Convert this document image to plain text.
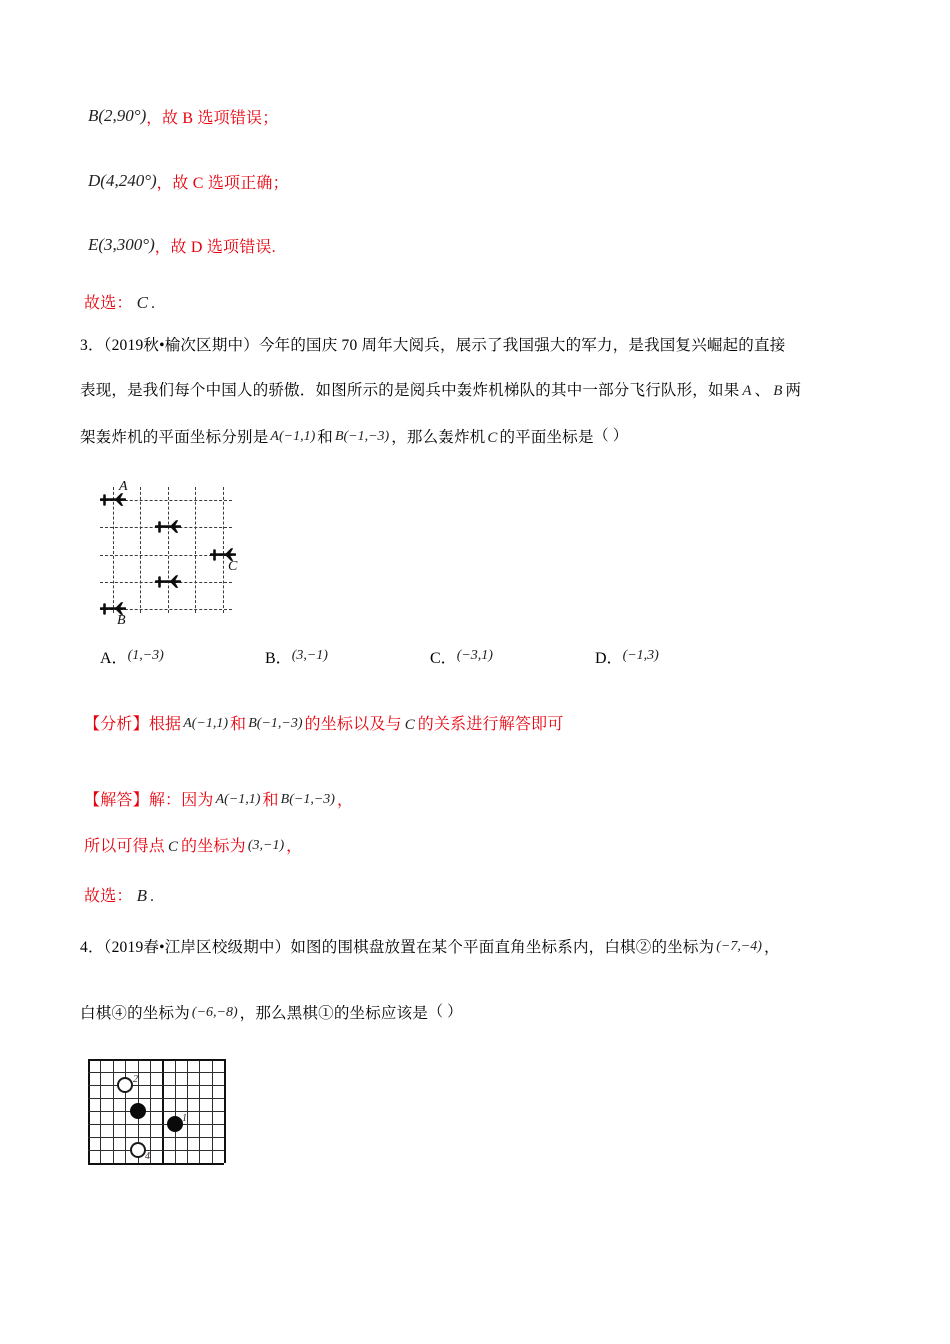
B(2,90°)，故 B 选项错误；
D(4,240°)，故 C 选项正确；
E(3,300°)，故 D 选项错误.
故选： C .
3．（2019秋•榆次区期中）今年的国庆 70 周年大阅兵，展示了我国强大的军力，是我国复兴崛起的直接
表现，是我们每个中国人的骄傲．如图所示的是阅兵中轰炸机梯队的其中一部分飞行队形，如果 A 、 B 两
架轰炸机的平面坐标分别是 A(−1,1) 和 B(−1,−3) ，那么轰炸机 C 的平面坐标是（ ）
A
C
B
A．(1,−3)	B．(3,−1)	C．(−3,1)	D．(−1,3)
【分析】根据 A(−1,1) 和 B(−1,−3) 的坐标以及与 C 的关系进行解答即可
【解答】解：因为 A(−1,1) 和 B(−1,−3) ，
所以可得点 C 的坐标为 (3,−1) ，
故选： B .
4．（2019春•江岸区校级期中）如图的围棋盘放置在某个平面直角坐标系内，白棋②的坐标为 (−7,−4) ，
白棋④的坐标为 (−6,−8) ，那么黑棋①的坐标应该是（ ）
2
1
4
